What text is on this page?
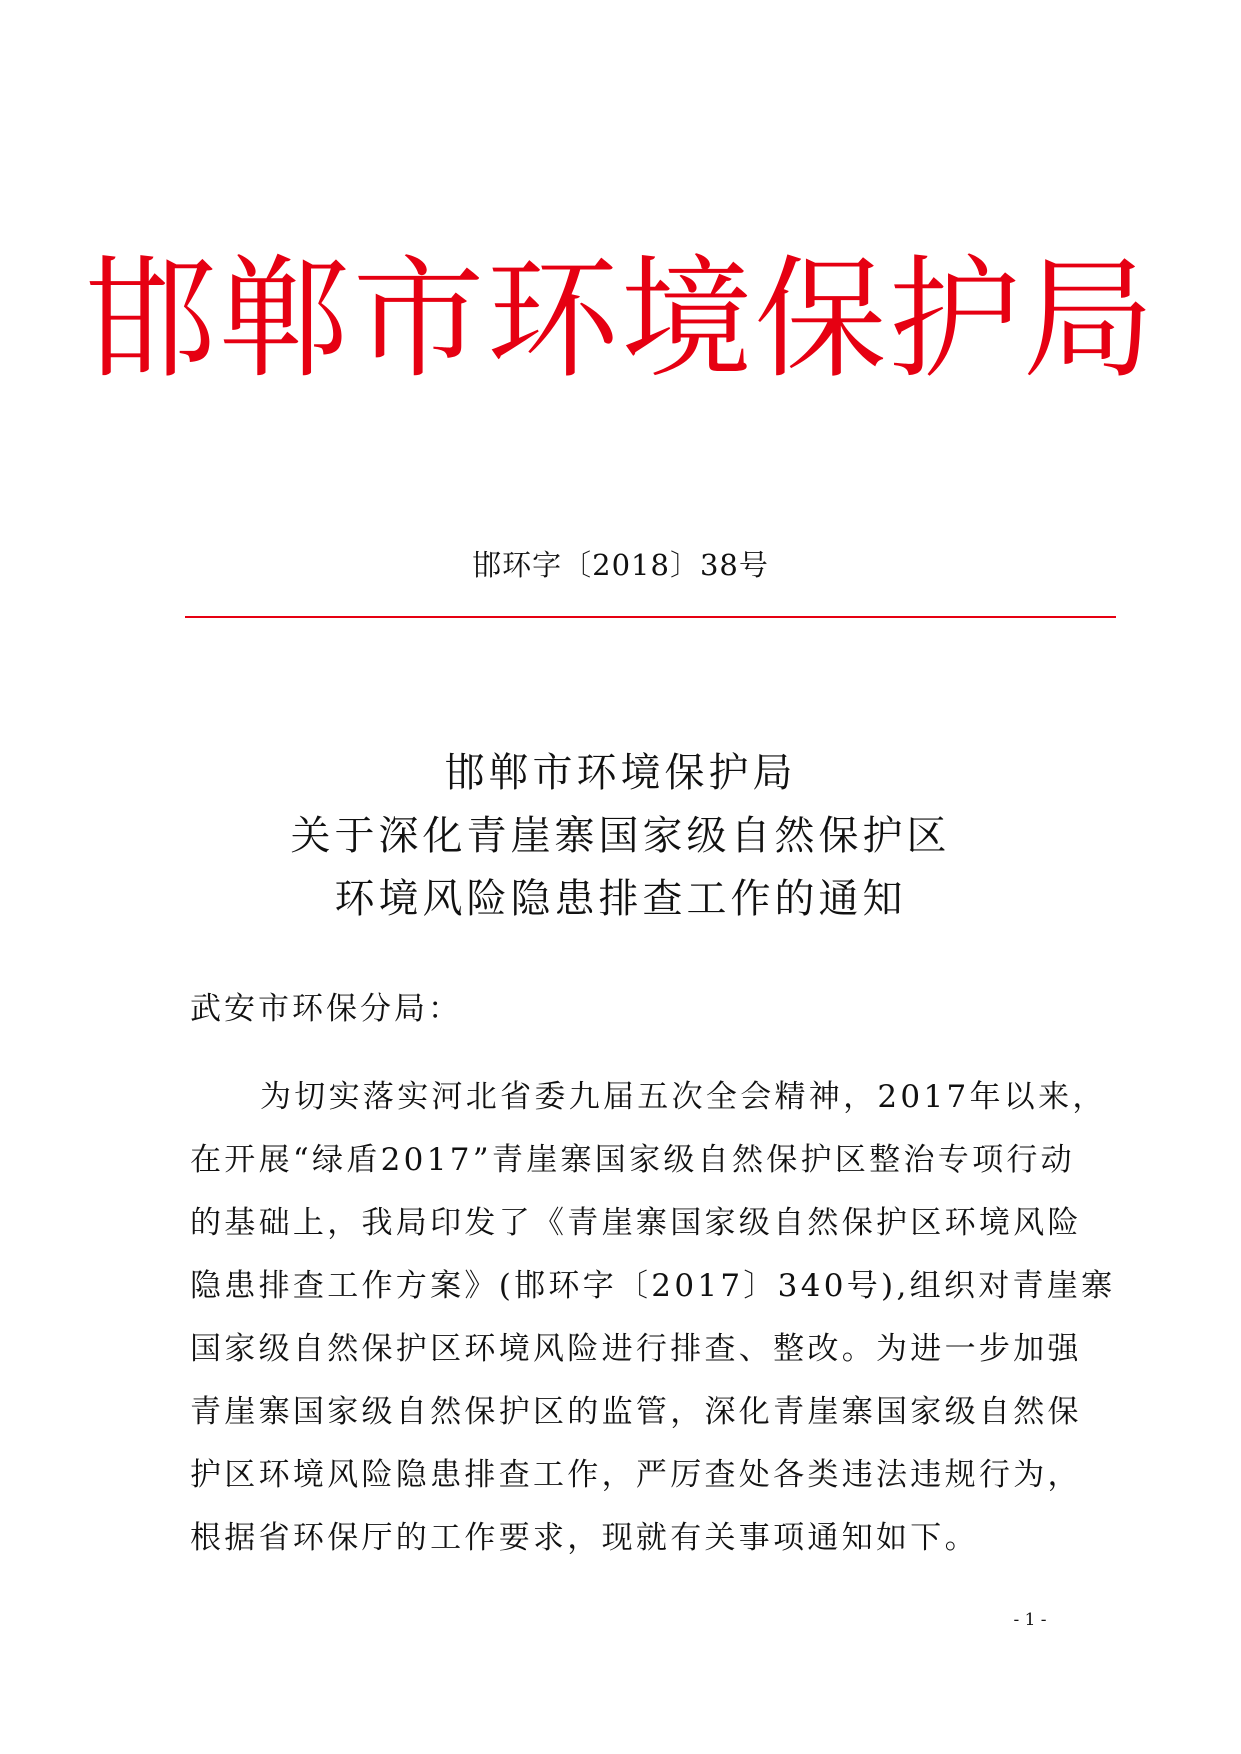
邯郸市环境保护局
邯环字〔2018〕38号
邯郸市环境保护局
关于深化青崖寨国家级自然保护区
环境风险隐患排查工作的通知
武安市环保分局：
为切实落实河北省委九届五次全会精神，2017年以来，
在开展“绿盾2017”青崖寨国家级自然保护区整治专项行动
的基础上，我局印发了《青崖寨国家级自然保护区环境风险
隐患排查工作方案》(邯环字〔2017〕340号),组织对青崖寨
国家级自然保护区环境风险进行排查、整改。为进一步加强
青崖寨国家级自然保护区的监管，深化青崖寨国家级自然保
护区环境风险隐患排查工作，严厉查处各类违法违规行为，
根据省环保厅的工作要求，现就有关事项通知如下。
- 1 -
